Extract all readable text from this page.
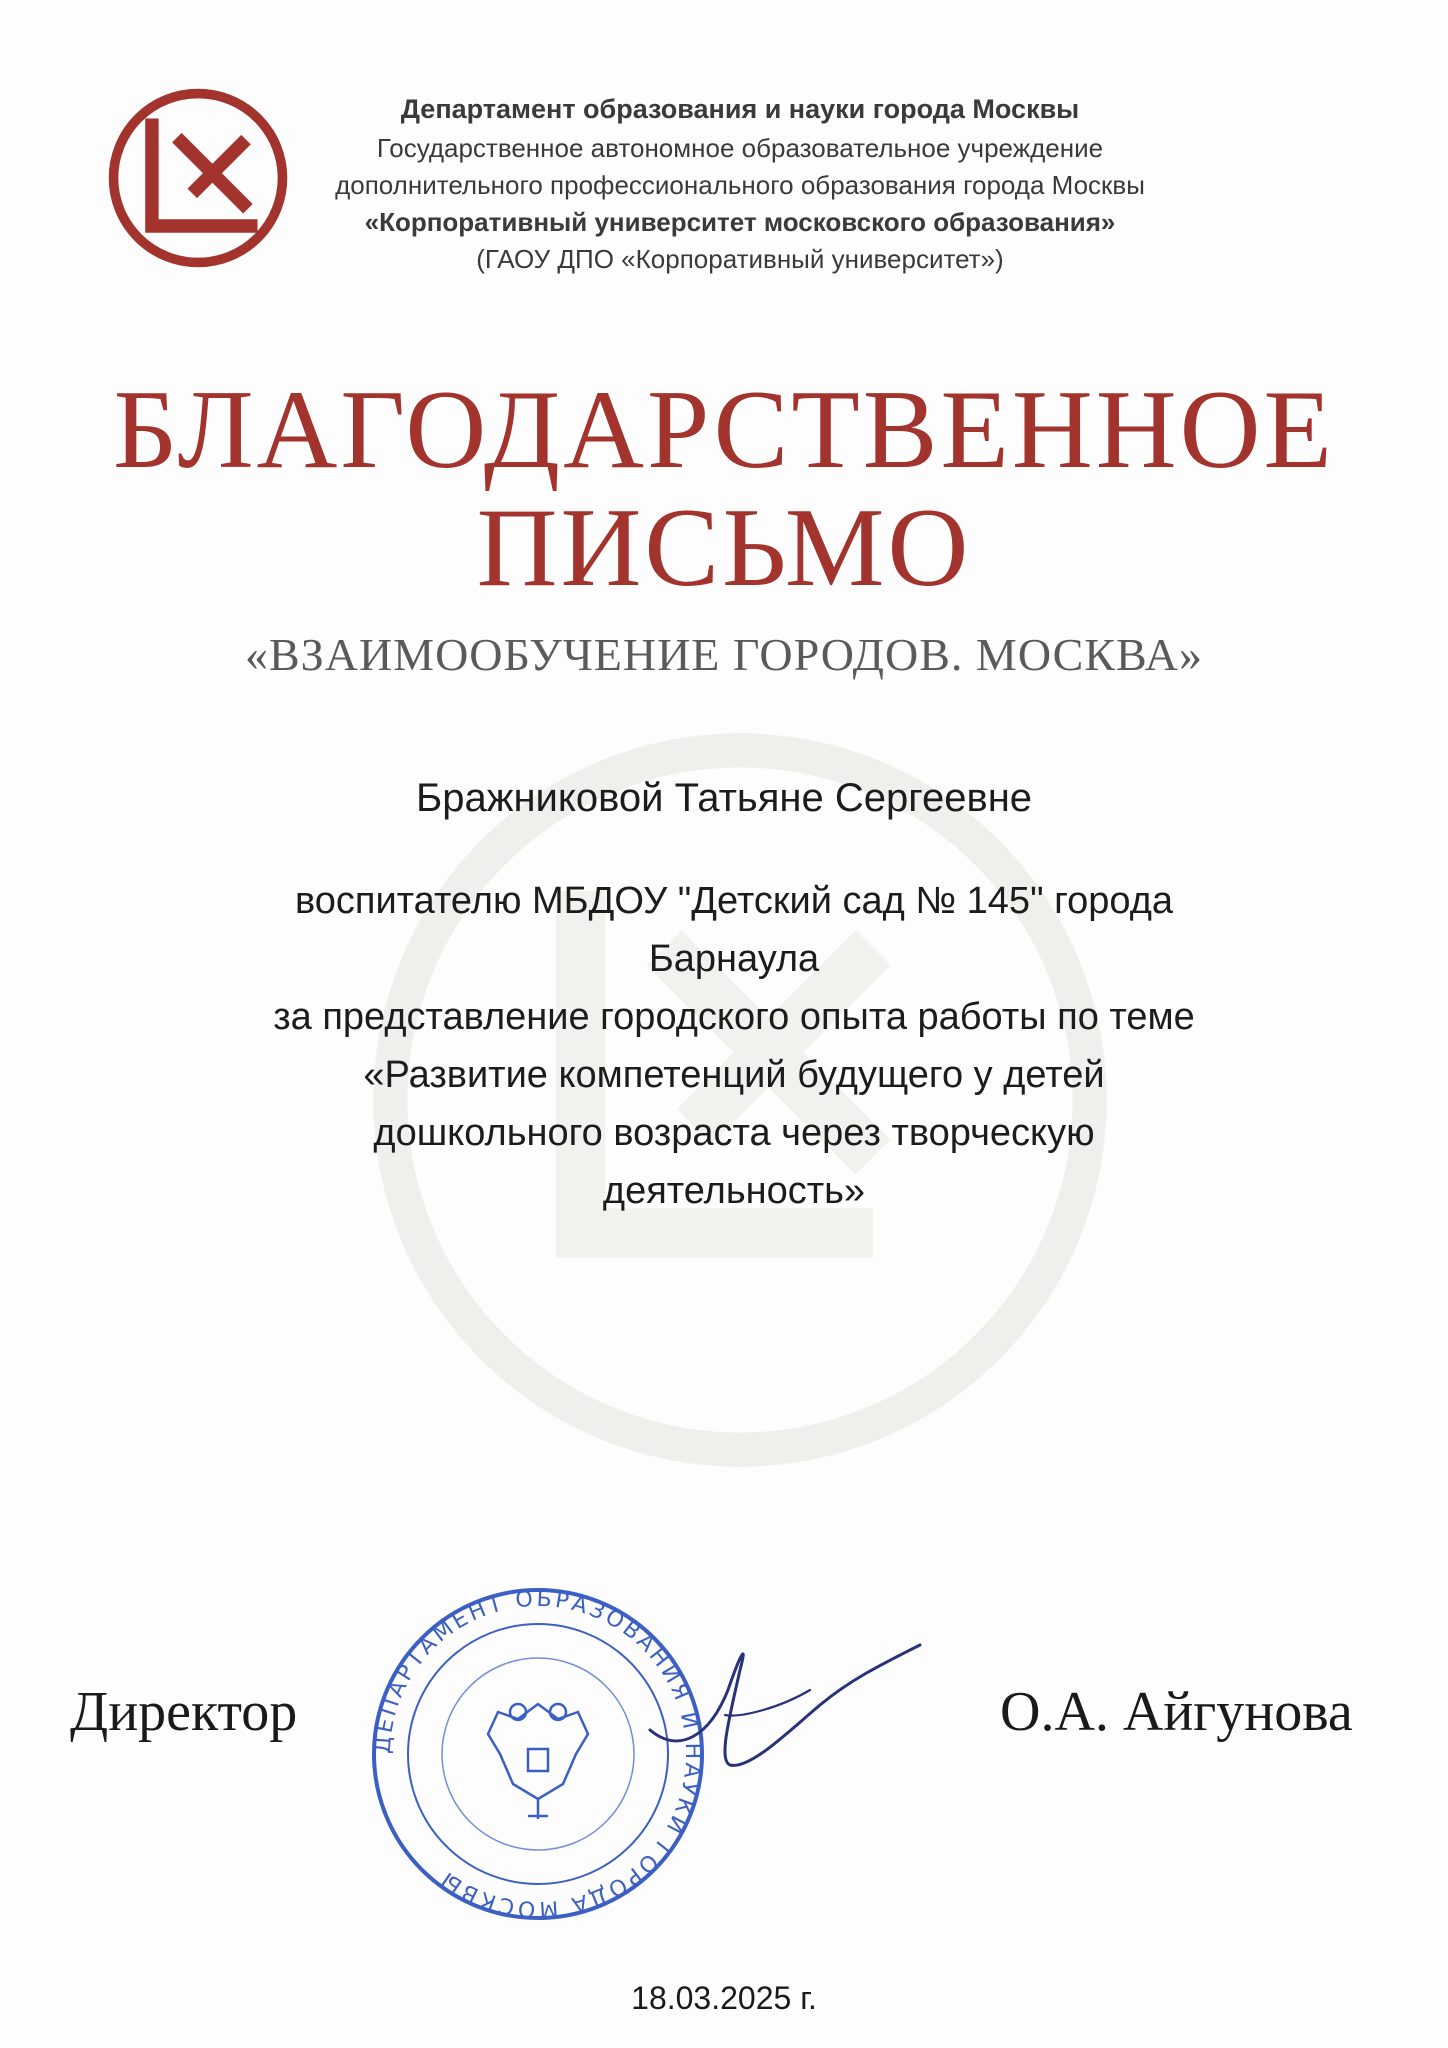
Департамент образования и науки города Москвы
Государственное автономное образовательное учреждение
дополнительного профессионального образования города Москвы
«Корпоративный университет московского образования»
(ГАОУ ДПО «Корпоративный университет»)
БЛАГОДАРСТВЕННОЕ
ПИСЬМО
«ВЗАИМООБУЧЕНИЕ ГОРОДОВ. МОСКВА»
Бражниковой Татьяне Сергеевне
воспитателю МБДОУ "Детский сад № 145" города
Барнаула
за представление городского опыта работы по теме
«Развитие компетенций будущего у детей
дошкольного возраста через творческую
деятельность»
Директор
ДЕПАРТАМЕНТ ОБРАЗОВАНИЯ И НАУКИ ГОРОДА МОСКВЫ
О.А. Айгунова
18.03.2025 г.
